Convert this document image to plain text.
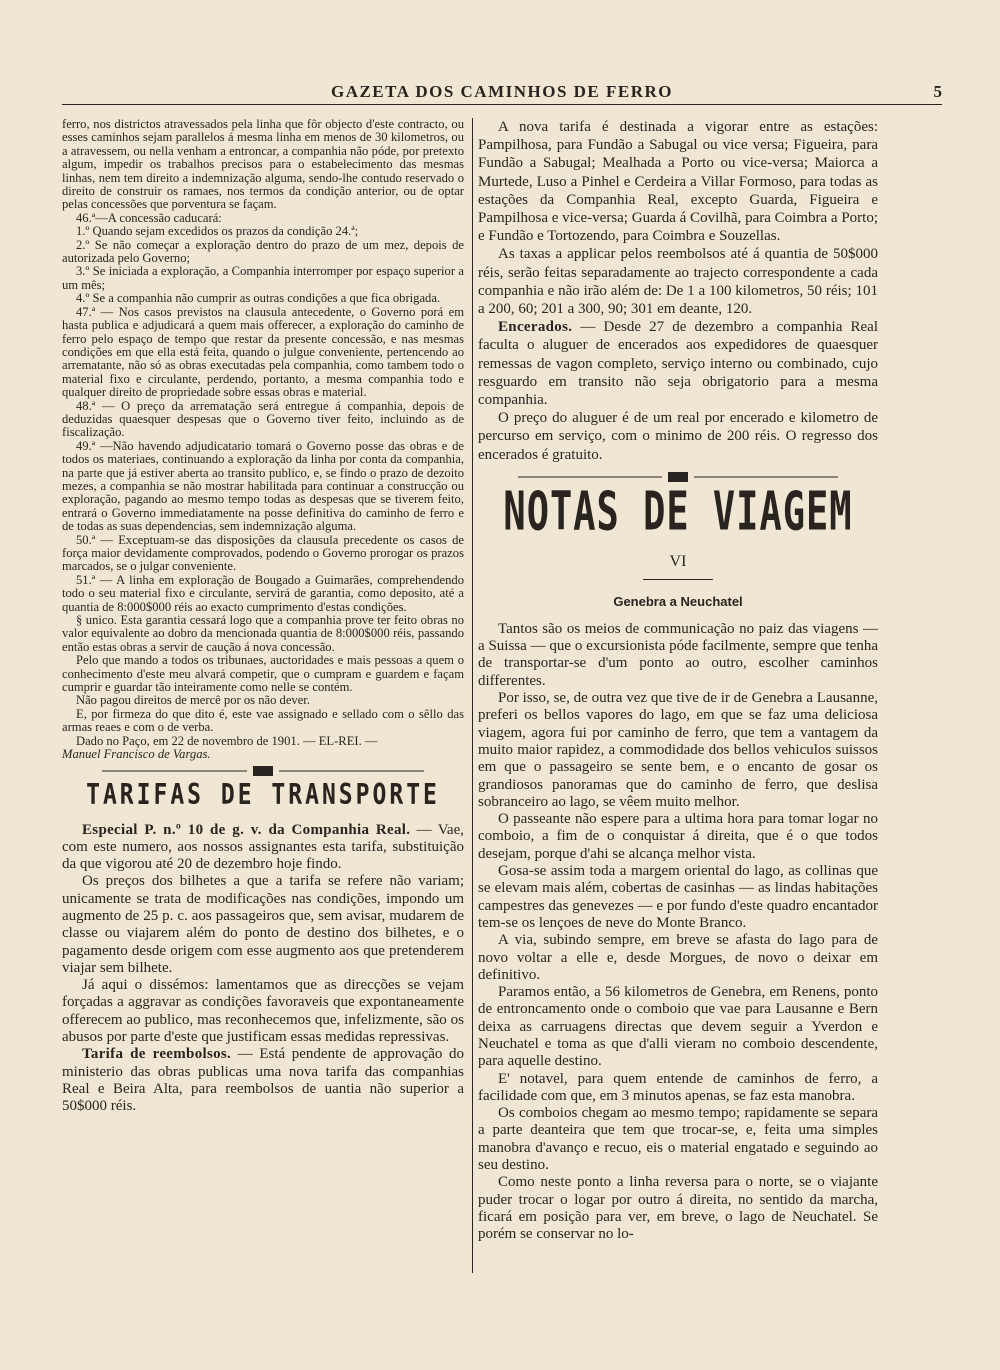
GAZETA DOS CAMINHOS DE FERRO	5

ferro, nos districtos atravessados pela linha que fôr objecto d'este contracto, ou esses caminhos sejam parallelos á mesma linha em menos de 30 kilometros, ou a atravessem, ou nella venham a entroncar, a companhia não póde, por pretexto algum, impedir os trabalhos precisos para o estabelecimento das mesmas linhas, nem tem direito a indemnização alguma, sendo-lhe contudo reservado o direito de construir os ramaes, nos termos da condição anterior, ou de optar pelas concessões que porventura se façam.

46.ª—A concessão caducará:

1.º Quando sejam excedidos os prazos da condição 24.ª;

2.º Se não começar a exploração dentro do prazo de um mez, depois de autorizada pelo Governo;

3.º Se iniciada a exploração, a Companhia interromper por espaço superior a um mês;

4.º Se a companhia não cumprir as outras condições a que fica obrigada.

47.ª — Nos casos previstos na clausula antecedente, o Governo porá em hasta publica e adjudicará a quem mais offerecer, a exploração do caminho de ferro pelo espaço de tempo que restar da presente concessão, e nas mesmas condições em que ella está feita, quando o julgue conveniente, pertencendo ao arrematante, não só as obras executadas pela companhia, como tambem todo o material fixo e circulante, perdendo, portanto, a mesma companhia todo e qualquer direito de propriedade sobre essas obras e material.

48.ª — O preço da arrematação será entregue á companhia, depois de deduzidas quaesquer despesas que o Governo tiver feito, incluindo as de fiscalização.

49.ª —Não havendo adjudicatario tomará o Governo posse das obras e de todos os materiaes, continuando a exploração da linha por conta da companhia, na parte que já estiver aberta ao transito publico, e, se findo o prazo de dezoito mezes, a companhia se não mostrar habilitada para continuar a construcção ou exploração, pagando ao mesmo tempo todas as despesas que se tiverem feito, entrará o Governo immediatamente na posse definitiva do caminho de ferro e de todas as suas dependencias, sem indemnização alguma.

50.ª — Exceptuam-se das disposições da clausula precedente os casos de força maior devidamente comprovados, podendo o Governo prorogar os prazos marcados, se o julgar conveniente.

51.ª — A linha em exploração de Bougado a Guimarães, comprehendendo todo o seu material fixo e circulante, servirá de garantia, como deposito, até a quantia de 8:000$000 réis ao exacto cumprimento d'estas condições.

§ unico. Esta garantia cessará logo que a companhia prove ter feito obras no valor equivalente ao dobro da mencionada quantia de 8:000$000 réis, passando então estas obras a servir de caução á nova concessão.

Pelo que mando a todos os tribunaes, auctoridades e mais pessoas a quem o conhecimento d'este meu alvará competir, que o cumpram e guardem e façam cumprir e guardar tão inteiramente como nelle se contém.

Não pagou direitos de mercê por os não dever.

E, por firmeza do que dito é, este vae assignado e sellado com o sêllo das armas reaes e com o de verba.

Dado no Paço, em 22 de novembro de 1901. — EL-REI. —

Manuel Francisco de Vargas.

TARIFAS DE TRANSPORTE

Especial P. n.º 10 de g. v. da Companhia Real. — Vae, com este numero, aos nossos assignantes esta tarifa, substituição da que vigorou até 20 de dezembro hoje findo.

Os preços dos bilhetes a que a tarifa se refere não variam; unicamente se trata de modificações nas condições, impondo um augmento de 25 p. c. aos passageiros que, sem avisar, mudarem de classe ou viajarem além do ponto de destino dos bilhetes, e o pagamento desde origem com esse augmento aos que pretenderem viajar sem bilhete.

Já aqui o dissémos: lamentamos que as direcções se vejam forçadas a aggravar as condições favoraveis que expontaneamente offerecem ao publico, mas reconhecemos que, infelizmente, são os abusos por parte d'este que justificam essas medidas repressivas.

Tarifa de reembolsos. — Está pendente de approvação do ministerio das obras publicas uma nova tarifa das companhias Real e Beira Alta, para reembolsos de uantia não superior a 50$000 réis.

A nova tarifa é destinada a vigorar entre as estações: Pampilhosa, para Fundão a Sabugal ou vice versa; Figueira, para Fundão a Sabugal; Mealhada a Porto ou vice-versa; Maiorca a Murtede, Luso a Pinhel e Cerdeira a Villar Formoso, para todas as estações da Companhia Real, excepto Guarda, Figueira e Pampilhosa e vice-versa; Guarda á Covilhã, para Coimbra a Porto; e Fundão e Tortozendo, para Coimbra e Souzellas.

As taxas a applicar pelos reembolsos até á quantia de 50$000 réis, serão feitas separadamente ao trajecto correspondente a cada companhia e não irão além de: De 1 a 100 kilometros, 50 réis; 101 a 200, 60; 201 a 300, 90; 301 em deante, 120.

Encerados. — Desde 27 de dezembro a companhia Real faculta o aluguer de encerados aos expedidores de quaesquer remessas de vagon completo, serviço interno ou combinado, cujo resguardo em transito não seja obrigatorio para a mesma companhia.

O preço do aluguer é de um real por encerado e kilometro de percurso em serviço, com o minimo de 200 réis. O regresso dos encerados é gratuito.

NOTAS DE VIAGEM
VI
Genebra a Neuchatel

Tantos são os meios de communicação no paiz das viagens — a Suissa — que o excursionista póde facilmente, sempre que tenha de transportar-se d'um ponto ao outro, escolher caminhos differentes.

Por isso, se, de outra vez que tive de ir de Genebra a Lausanne, preferi os bellos vapores do lago, em que se faz uma deliciosa viagem, agora fui por caminho de ferro, que tem a vantagem da muito maior rapidez, a commodidade dos bellos vehiculos suissos em que o passageiro se sente bem, e o encanto de gosar os grandiosos panoramas que do caminho de ferro, que deslisa sobranceiro ao lago, se vêem muito melhor.

O passeante não espere para a ultima hora para tomar logar no comboio, a fim de o conquistar á direita, que é o que todos desejam, porque d'ahi se alcança melhor vista.

Gosa-se assim toda a margem oriental do lago, as collinas que se elevam mais além, cobertas de casinhas — as lindas habitações campestres das genevezes — e por fundo d'este quadro encantador tem-se os lençoes de neve do Monte Branco.

A via, subindo sempre, em breve se afasta do lago para de novo voltar a elle e, desde Morgues, de novo o deixar em definitivo.

Paramos então, a 56 kilometros de Genebra, em Renens, ponto de entroncamento onde o comboio que vae para Lausanne e Bern deixa as carruagens directas que devem seguir a Yverdon e Neuchatel e toma as que d'alli vieram no comboio descendente, para aquelle destino.

E' notavel, para quem entende de caminhos de ferro, a facilidade com que, em 3 minutos apenas, se faz esta manobra.

Os comboios chegam ao mesmo tempo; rapidamente se separa a parte deanteira que tem que trocar-se, e, feita uma simples manobra d'avanço e recuo, eis o material engatado e seguindo ao seu destino.

Como neste ponto a linha reversa para o norte, se o viajante puder trocar o logar por outro á direita, no sentido da marcha, ficará em posição para ver, em breve, o lago de Neuchatel. Se porém se conservar no lo-
